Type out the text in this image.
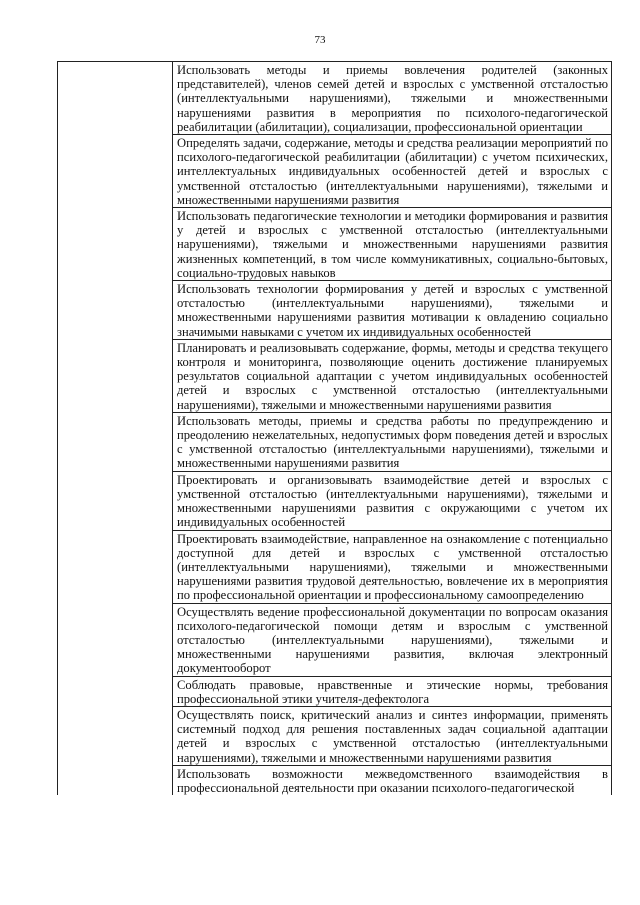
73
Использовать методы и приемы вовлечения родителей (законных представителей), членов семей детей и взрослых с умственной отсталостью (интеллектуальными нарушениями), тяжелыми и множественными нарушениями развития в мероприятия по психолого-педагогической реабилитации (абилитации), социализации, профессиональной ориентации
Определять задачи, содержание, методы и средства реализации мероприятий по психолого-педагогической реабилитации (абилитации) с учетом психических, интеллектуальных индивидуальных особенностей детей и взрослых с умственной отсталостью (интеллектуальными нарушениями), тяжелыми и множественными нарушениями развития
Использовать педагогические технологии и методики формирования и развития у детей и взрослых с умственной отсталостью (интеллектуальными нарушениями), тяжелыми и множественными нарушениями развития жизненных компетенций, в том числе коммуникативных, социально-бытовых, социально-трудовых навыков
Использовать технологии формирования у детей и взрослых с умственной отсталостью (интеллектуальными нарушениями), тяжелыми и множественными нарушениями развития мотивации к овладению социально значимыми навыками с учетом их индивидуальных особенностей
Планировать и реализовывать содержание, формы, методы и средства текущего контроля и мониторинга, позволяющие оценить достижение планируемых результатов социальной адаптации с учетом индивидуальных особенностей детей и взрослых с умственной отсталостью (интеллектуальными нарушениями), тяжелыми и множественными нарушениями развития
Использовать методы, приемы и средства работы по предупреждению и преодолению нежелательных, недопустимых форм поведения детей и взрослых с умственной отсталостью (интеллектуальными нарушениями), тяжелыми и множественными нарушениями развития
Проектировать и организовывать взаимодействие детей и взрослых с умственной отсталостью (интеллектуальными нарушениями), тяжелыми и множественными нарушениями развития с окружающими с учетом их индивидуальных особенностей
Проектировать взаимодействие, направленное на ознакомление с потенциально доступной для детей и взрослых с умственной отсталостью (интеллектуальными нарушениями), тяжелыми и множественными нарушениями развития трудовой деятельностью, вовлечение их в мероприятия по профессиональной ориентации и профессиональному самоопределению
Осуществлять ведение профессиональной документации по вопросам оказания психолого-педагогической помощи детям и взрослым с умственной отсталостью (интеллектуальными нарушениями), тяжелыми и множественными нарушениями развития, включая электронный документооборот
Соблюдать правовые, нравственные и этические нормы, требования профессиональной этики учителя-дефектолога
Осуществлять поиск, критический анализ и синтез информации, применять системный подход для решения поставленных задач социальной адаптации детей и взрослых с умственной отсталостью (интеллектуальными нарушениями), тяжелыми и множественными нарушениями развития
Использовать возможности межведомственного взаимодействия в профессиональной деятельности при оказании психолого-педагогической
